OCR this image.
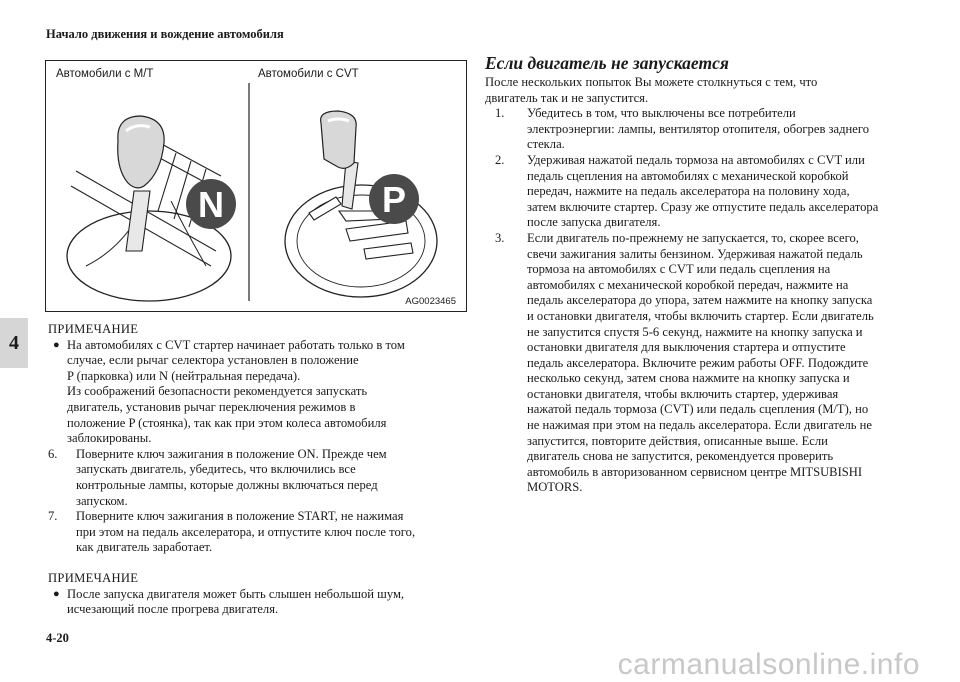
Начало движения и вождение автомобиля
4
4-20
carmanualsonline.info
N	P
Автомобили с M/T	Автомобили с CVT
AG0023465
ПРИМЕЧАНИЕ
● На автомобилях с CVT стартер начинает работать только в том

случае, если рычаг селектора установлен в положение

P (парковка) или N (нейтральная передача).

Из соображений безопасности рекомендуется запускать

двигатель, установив рычаг переключения режимов в

положение P (стоянка), так как при этом колеса автомобиля

заблокированы.

6.	Поверните ключ зажигания в положение ON. Прежде чем

запускать двигатель, убедитесь, что включились все

контрольные лампы, которые должны включаться перед

запуском.

7.	Поверните ключ зажигания в положение START, не нажимая

при этом на педаль акселератора, и отпустите ключ после того,

как двигатель заработает.

ПРИМЕЧАНИЕ
● После запуска двигателя может быть слышен небольшой шум,

исчезающий после прогрева двигателя.

Если двигатель не запускается

После нескольких попыток Вы можете столкнуться с тем, что

двигатель так и не запустится.

1.	Убедитесь в том, что выключены все потребители

электроэнергии: лампы, вентилятор отопителя, обогрев заднего

стекла.

2.	Удерживая нажатой педаль тормоза на автомобилях с CVT или

педаль сцепления на автомобилях с механической коробкой

передач, нажмите на педаль акселератора на половину хода,

затем включите стартер. Сразу же отпустите педаль акселератора

после запуска двигателя.

3.	Если двигатель по-прежнему не запускается, то, скорее всего,

свечи зажигания залиты бензином. Удерживая нажатой педаль

тормоза на автомобилях с CVT или педаль сцепления на

автомобилях с механической коробкой передач, нажмите на

педаль акселератора до упора, затем нажмите на кнопку запуска

и остановки двигателя, чтобы включить стартер. Если двигатель

не запустится спустя 5-6 секунд, нажмите на кнопку запуска и

остановки двигателя для выключения стартера и отпустите

педаль акселератора. Включите режим работы OFF. Подождите

несколько секунд, затем снова нажмите на кнопку запуска и

остановки двигателя, чтобы включить стартер, удерживая

нажатой педаль тормоза (CVT) или педаль сцепления (M/T), но

не нажимая при этом на педаль акселератора. Если двигатель не

запустится, повторите действия, описанные выше. Если

двигатель снова не запустится, рекомендуется проверить

автомобиль в авторизованном сервисном центре MITSUBISHI

MOTORS.
